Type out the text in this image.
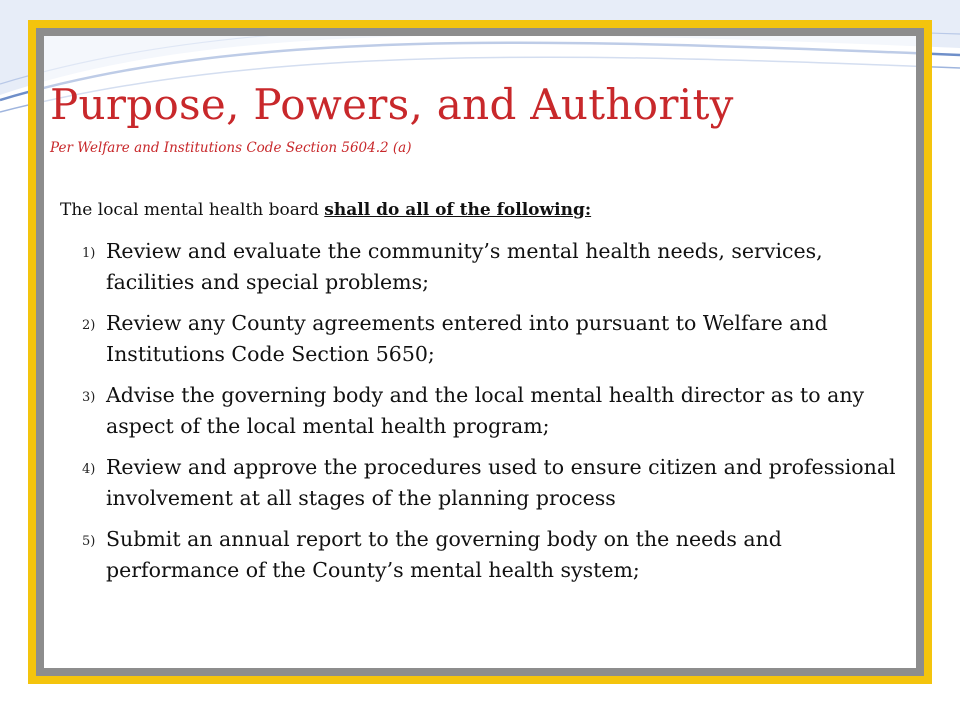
Purpose, Powers, and Authority

Per Welfare and Institutions Code Section 5604.2 (a)

The local mental health board shall do all of the following:
1) Review and evaluate the community’s mental health needs, services, facilities and special problems;
2) Review any County agreements entered into pursuant to Welfare and Institutions Code Section 5650;
3) Advise the governing body and the local mental health director as to any aspect of the local mental health program;
4) Review and approve the procedures used to ensure citizen and professional involvement at all stages of the planning process
5) Submit an annual report to the governing body on the needs and performance of the County’s mental health system;
